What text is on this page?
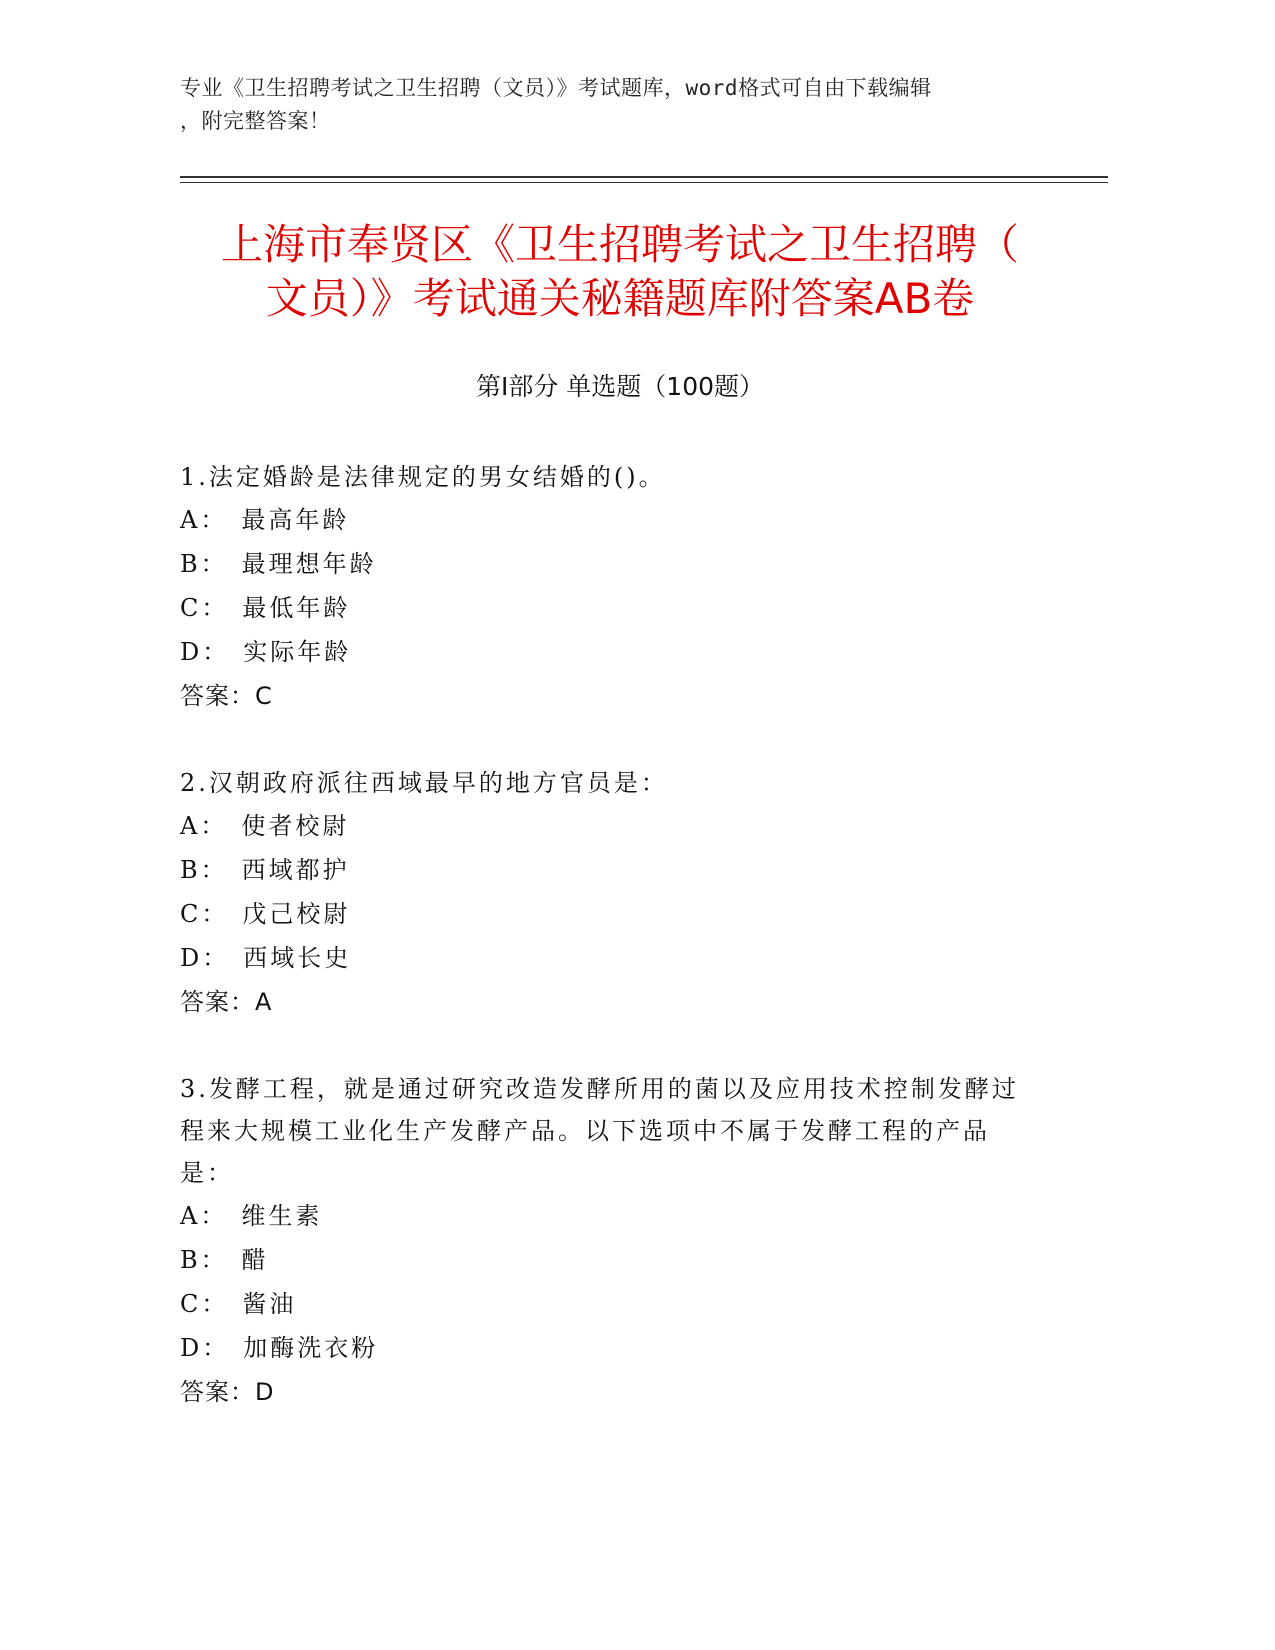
专业《卫生招聘考试之卫生招聘（文员）》考试题库，word格式可自由下载编辑
，附完整答案！
上海市奉贤区《卫生招聘考试之卫生招聘（
文员）》考试通关秘籍题库附答案AB卷
第Ⅰ部分 单选题（100题）

1.法定婚龄是法律规定的男女结婚的()。

A： 最高年龄
B： 最理想年龄
C： 最低年龄
D： 实际年龄
答案：C

2.汉朝政府派往西域最早的地方官员是：

A： 使者校尉
B： 西域都护
C： 戊己校尉
D： 西域长史
答案：A

3.发酵工程，就是通过研究改造发酵所用的菌以及应用技术控制发酵过程来大规模工业化生产发酵产品。以下选项中不属于发酵工程的产品是：

A： 维生素
B： 醋
C： 酱油
D： 加酶洗衣粉
答案：D
